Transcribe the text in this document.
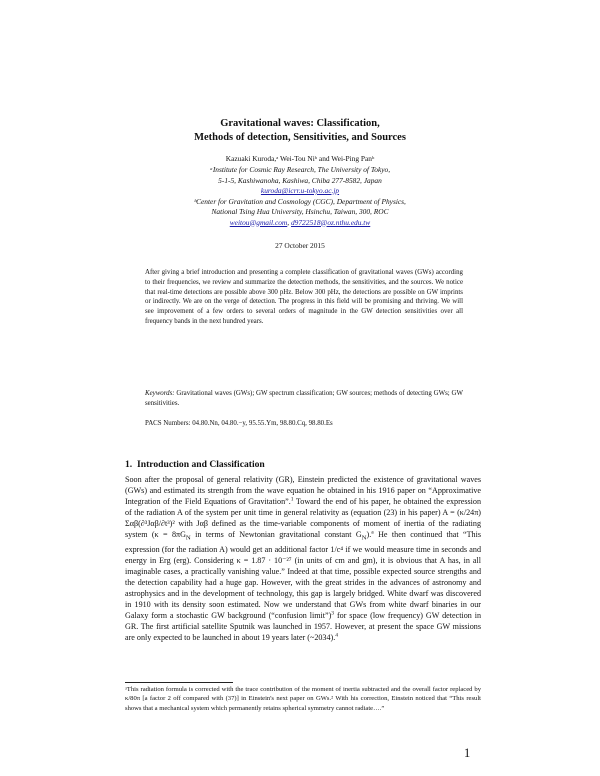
Gravitational waves: Classification,
Methods of detection, Sensitivities, and Sources
Kazuaki Kuroda,ᵃ Wei-Tou Niᵇ and Wei-Ping Panᵇ
ᵃInstitute for Cosmic Ray Research, The University of Tokyo,
5-1-5, Kashiwanoha, Kashiwa, Chiba 277-8582, Japan
kuroda@icrr.u-tokyo.ac.jp
ᵇCenter for Gravitation and Cosmology (CGC), Department of Physics,
National Tsing Hua University, Hsinchu, Taiwan, 300, ROC
weitou@gmail.com, d9722518@oz.nthu.edu.tw
27 October 2015
After giving a brief introduction and presenting a complete classification of gravitational waves (GWs) according to their frequencies, we review and summarize the detection methods, the sensitivities, and the sources. We notice that real-time detections are possible above 300 pHz. Below 300 pHz, the detections are possible on GW imprints or indirectly. We are on the verge of detection. The progress in this field will be promising and thriving. We will see improvement of a few orders to several orders of magnitude in the GW detection sensitivities over all frequency bands in the next hundred years.
Keywords: Gravitational waves (GWs); GW spectrum classification; GW sources; methods of detecting GWs; GW sensitivities.
PACS Numbers: 04.80.Nn, 04.80.−y, 95.55.Ym, 98.80.Cq, 98.80.Es
1. Introduction and Classification
Soon after the proposal of general relativity (GR), Einstein predicted the existence of gravitational waves (GWs) and estimated its strength from the wave equation he obtained in his 1916 paper on “Approximative Integration of the Field Equations of Gravitation”.$^1$ Toward the end of his paper, he obtained the expression of the radiation A of the system per unit time in general relativity as (equation (23) in his paper) A = (κ/24π) Σαβ(∂³Jαβ/∂t³)² with Jαβ defined as the time-variable components of moment of inertia of the radiating system ($\kappa = 8\pi G_N$ in terms of Newtonian gravitational constant $G_N).^a$ He then continued that “This expression (for the radiation A) would get an additional factor 1/c⁴ if we would measure time in seconds and energy in Erg (erg). Considering κ = 1.87 · 10⁻²⁷ (in units of cm and gm), it is obvious that A has, in all imaginable cases, a practically vanishing value.” Indeed at that time, possible expected source strengths and the detection capability had a huge gap. However, with the great strides in the advances of astronomy and astrophysics and in the development of technology, this gap is largely bridged. White dwarf was discovered in 1910 with its density soon estimated. Now we understand that GWs from white dwarf binaries in our Galaxy form a stochastic GW background (“confusion limit”)$^3$ for space (low frequency) GW detection in GR. The first artificial satellite Sputnik was launched in 1957. However, at present the space GW missions are only expected to be launched in about 19 years later (~2034).$^4$
ᵃThis radiation formula is corrected with the trace contribution of the moment of inertia subtracted and the overall factor replaced by κ/80π [a factor 2 off compared with (37)] in Einstein's next paper on GWs.² With his correction, Einstein noticed that “This result shows that a mechanical system which permanently retains spherical symmetry cannot radiate….”
1
